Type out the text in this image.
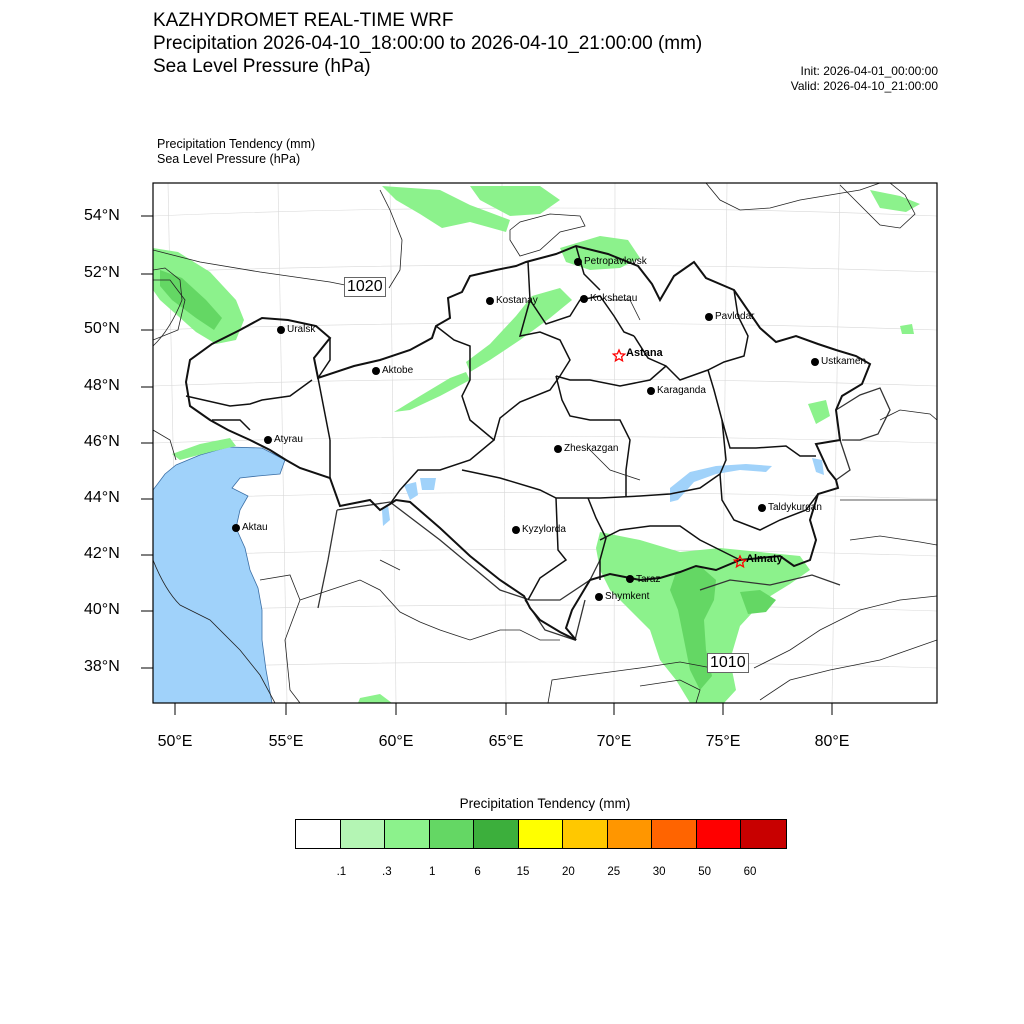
KAZHYDROMET REAL-TIME WRF
Precipitation 2026-04-10_18:00:00 to 2026-04-10_21:00:00 (mm)
Sea Level Pressure (hPa)	Init: 2026-04-01_00:00:00
Valid: 2026-04-10_21:00:00
Precipitation Tendency (mm)
Sea Level Pressure (hPa)
54°N
52°N
50°N
48°N
46°N
44°N
42°N
40°N
38°N
50°E	55°E	60°E	65°E	70°E	75°E	80°E
Petropavlovsk
Kostanay	Kokshetau
Uralsk
Pavlodar
Astana
Aktobe
Ustkamen
Karaganda
Atyrau
Zheskazgan
Taldykurgan
Aktau	Kyzylorda
Almaty
Taraz
Shymkent
1020
1010
Precipitation Tendency (mm)
.1	.3	1	6	15	20	25	30	50	60
